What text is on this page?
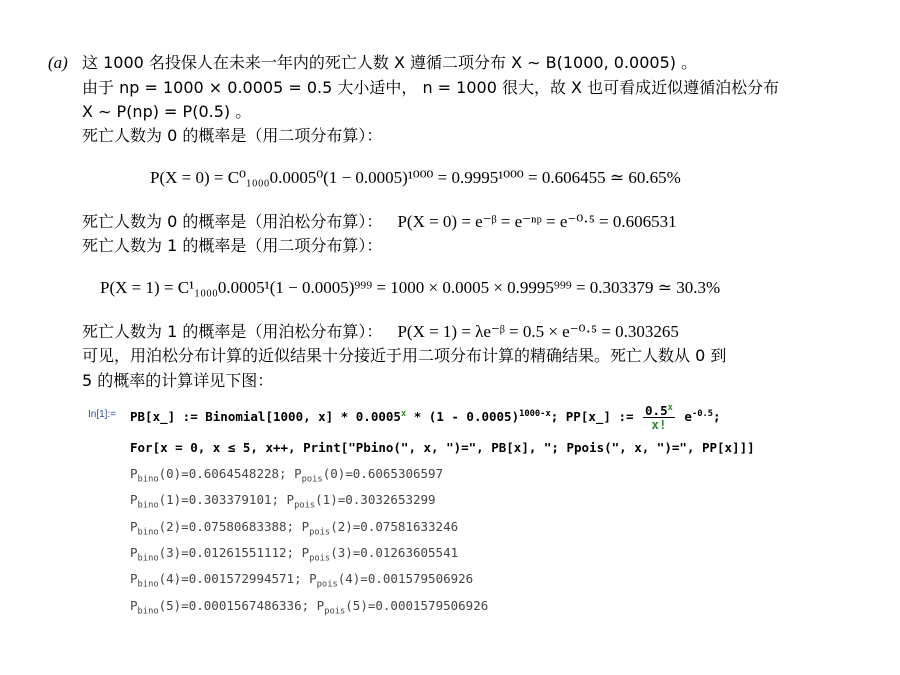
(a) 这 1000 名投保人在未来一年内的死亡人数 X 遵循二项分布 X ∼ B(1000, 0.0005) 。
由于 np = 1000 × 0.0005 = 0.5 大小适中， n = 1000 很大，故 X 也可看成近似遵循泊松分布
X ∼ P(np) = P(0.5) 。
死亡人数为 0 的概率是（用二项分布算）：
P(X = 0) = C⁰₁₀₀₀0.0005⁰(1 − 0.0005)¹⁰⁰⁰ = 0.9995¹⁰⁰⁰ = 0.606455 ≃ 60.65%
死亡人数为 0 的概率是（用泊松分布算）： P(X = 0) = e⁻ᵝ = e⁻ⁿᵖ = e⁻⁰·⁵ = 0.606531
死亡人数为 1 的概率是（用二项分布算）：
P(X = 1) = C¹₁₀₀₀0.0005¹(1 − 0.0005)⁹⁹⁹ = 1000 × 0.0005 × 0.9995⁹⁹⁹ = 0.303379 ≃ 30.3%
死亡人数为 1 的概率是（用泊松分布算）： P(X = 1) = λe⁻ᵝ = 0.5 × e⁻⁰·⁵ = 0.303265
可见，用泊松分布计算的近似结果十分接近于用二项分布计算的精确结果。死亡人数从 0 到
5 的概率的计算详见下图：
In[1]:= PB[x_] := Binomial[1000, x] * 0.0005$^x$ * (1 - 0.0005)$^{1000-x}$; PP[x_] := $\frac{0.5^x}{x!} e^{-0.5}$;
For[x = 0, x ≤ 5, x++, Print["Pbino(", x, ")=", PB[x], "; Ppois(", x, ")=", PP[x]]]
$P_{bino}(0)=0.6064548228$; $P_{pois}(0)=0.6065306597$
$P_{bino}(1)=0.303379101$; $P_{pois}(1)=0.3032653299$
$P_{bino}(2)=0.07580683388$; $P_{pois}(2)=0.07581633246$
$P_{bino}(3)=0.01261551112$; $P_{pois}(3)=0.01263605541$
$P_{bino}(4)=0.001572994571$; $P_{pois}(4)=0.001579506926$
$P_{bino}(5)=0.0001567486336$; $P_{pois}(5)=0.0001579506926$
